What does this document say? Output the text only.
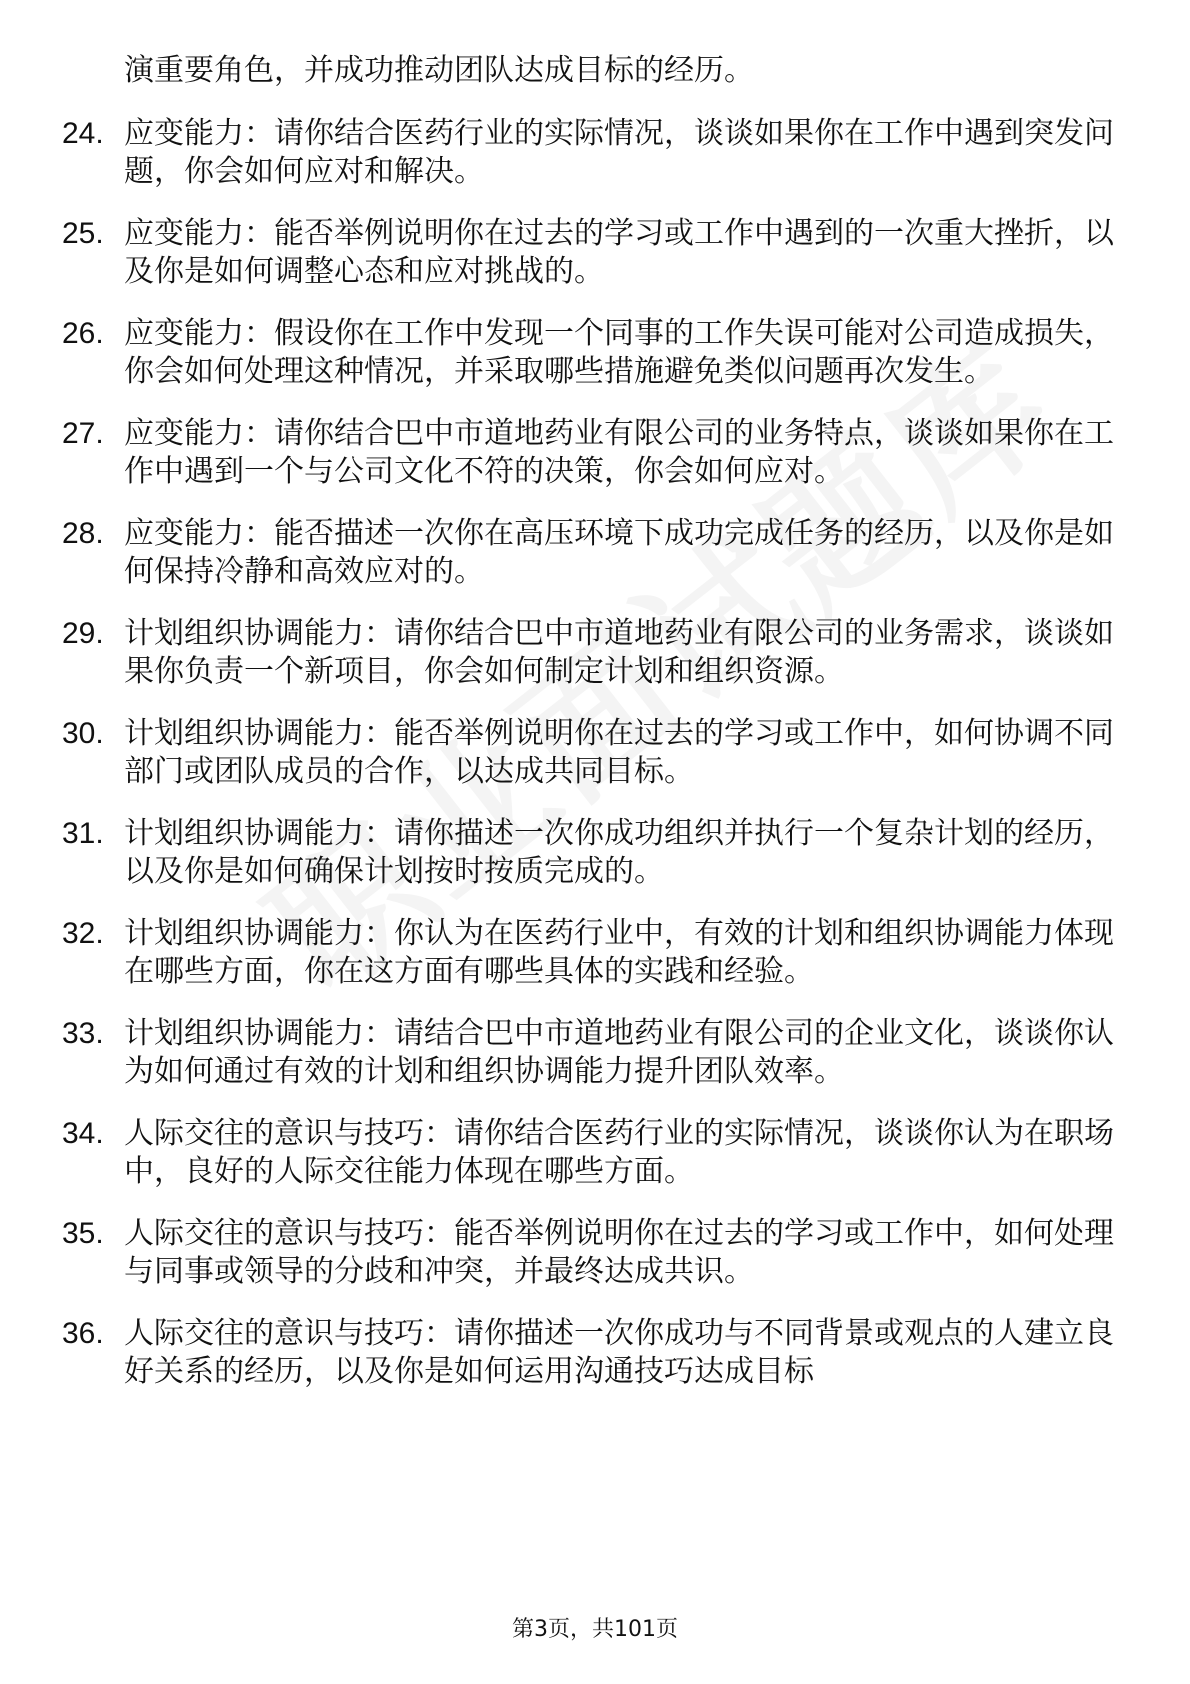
演重要角色，并成功推动团队达成目标的经历。
24. 应变能力：请你结合医药行业的实际情况，谈谈如果你在工作中遇到突发问题，你会如何应对和解决。
25. 应变能力：能否举例说明你在过去的学习或工作中遇到的一次重大挫折，以及你是如何调整心态和应对挑战的。
26. 应变能力：假设你在工作中发现一个同事的工作失误可能对公司造成损失，你会如何处理这种情况，并采取哪些措施避免类似问题再次发生。
27. 应变能力：请你结合巴中市道地药业有限公司的业务特点，谈谈如果你在工作中遇到一个与公司文化不符的决策，你会如何应对。
28. 应变能力：能否描述一次你在高压环境下成功完成任务的经历，以及你是如何保持冷静和高效应对的。
29. 计划组织协调能力：请你结合巴中市道地药业有限公司的业务需求，谈谈如果你负责一个新项目，你会如何制定计划和组织资源。
30. 计划组织协调能力：能否举例说明你在过去的学习或工作中，如何协调不同部门或团队成员的合作，以达成共同目标。
31. 计划组织协调能力：请你描述一次你成功组织并执行一个复杂计划的经历，以及你是如何确保计划按时按质完成的。
32. 计划组织协调能力：你认为在医药行业中，有效的计划和组织协调能力体现在哪些方面，你在这方面有哪些具体的实践和经验。
33. 计划组织协调能力：请结合巴中市道地药业有限公司的企业文化，谈谈你认为如何通过有效的计划和组织协调能力提升团队效率。
34. 人际交往的意识与技巧：请你结合医药行业的实际情况，谈谈你认为在职场中，良好的人际交往能力体现在哪些方面。
35. 人际交往的意识与技巧：能否举例说明你在过去的学习或工作中，如何处理与同事或领导的分歧和冲突，并最终达成共识。
36. 人际交往的意识与技巧：请你描述一次你成功与不同背景或观点的人建立良好关系的经历，以及你是如何运用沟通技巧达成目标
第3页，共101页
